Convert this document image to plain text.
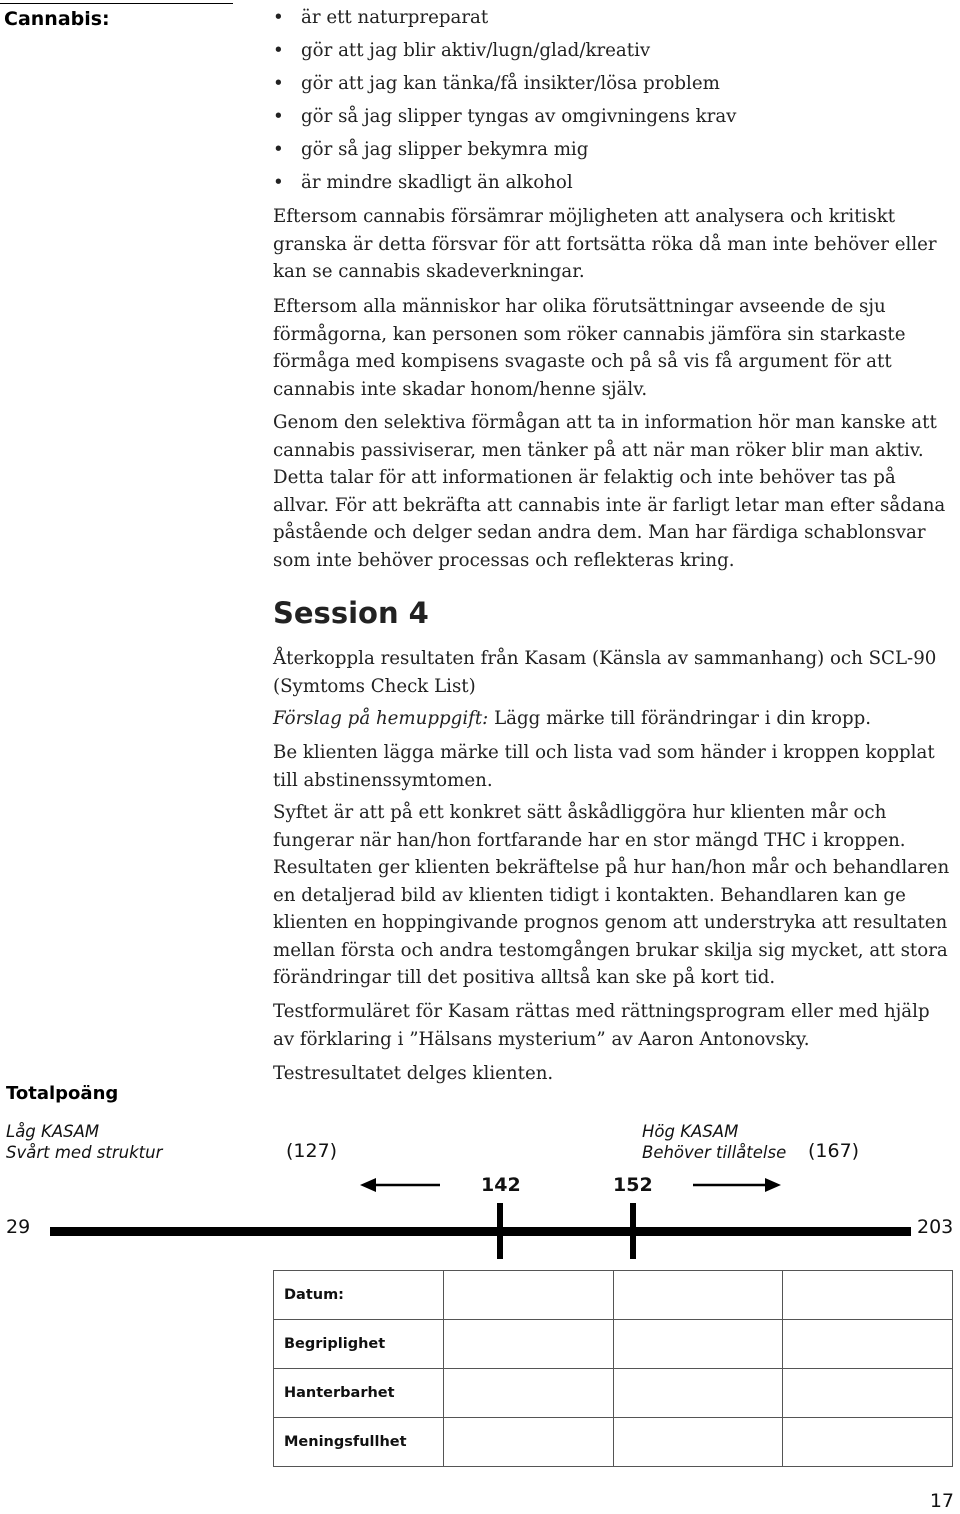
Cannabis:
•	är ett naturpreparat
• gör att jag blir aktiv/lugn/glad/kreativ
• gör att jag kan tänka/få insikter/lösa problem
• gör så jag slipper tyngas av omgivningens krav
• gör så jag slipper bekymra mig
• är mindre skadligt än alkohol

Eftersom cannabis försämrar möjligheten att analysera och kritiskt granska är detta försvar för att fortsätta röka då man inte behöver eller kan se cannabis skadeverkningar.

Eftersom alla människor har olika förutsättningar avseende de sju förmågorna, kan personen som röker cannabis jämföra sin starkaste förmåga med kompisens svagaste och på så vis få argument för att cannabis inte skadar honom/henne själv.

Genom den selektiva förmågan att ta in information hör man kanske att cannabis passiviserar, men tänker på att när man röker blir man aktiv. Detta talar för att informationen är felaktig och inte behöver tas på allvar. För att bekräfta att cannabis inte är farligt letar man efter sådana påstående och delger sedan andra dem. Man har färdiga schablonsvar som inte behöver processas och reflekteras kring.

Session 4

Återkoppla resultaten från Kasam (Känsla av sammanhang) och SCL-90 (Symtoms Check List)

Förslag på hemuppgift: Lägg märke till förändringar i din kropp.

Be klienten lägga märke till och lista vad som händer i kroppen kopplat till abstinenssymtomen.

Syftet är att på ett konkret sätt åskådliggöra hur klienten mår och fungerar när han/hon fortfarande har en stor mängd THC i kroppen. Resultaten ger klienten bekräftelse på hur han/hon mår och behandlaren en detaljerad bild av klienten tidigt i kontakten. Behandlaren kan ge klienten en hoppingivande prognos genom att understryka att resultaten mellan första och andra testomgången brukar skilja sig mycket, att stora förändringar till det positiva alltså kan ske på kort tid.

Testformuläret för Kasam rättas med rättningsprogram eller med hjälp av förklaring i ”Hälsans mysterium” av Aaron Antonovsky.

Testresultatet delges klienten.

Totalpoäng
Låg KASAM
Svårt med struktur	(127)
Hög KASAM
Behöver tillåtelse (167)
142	152
29	203
Datum:			
Begriplighet			
Hanterbarhet			
Meningsfullhet			
17
